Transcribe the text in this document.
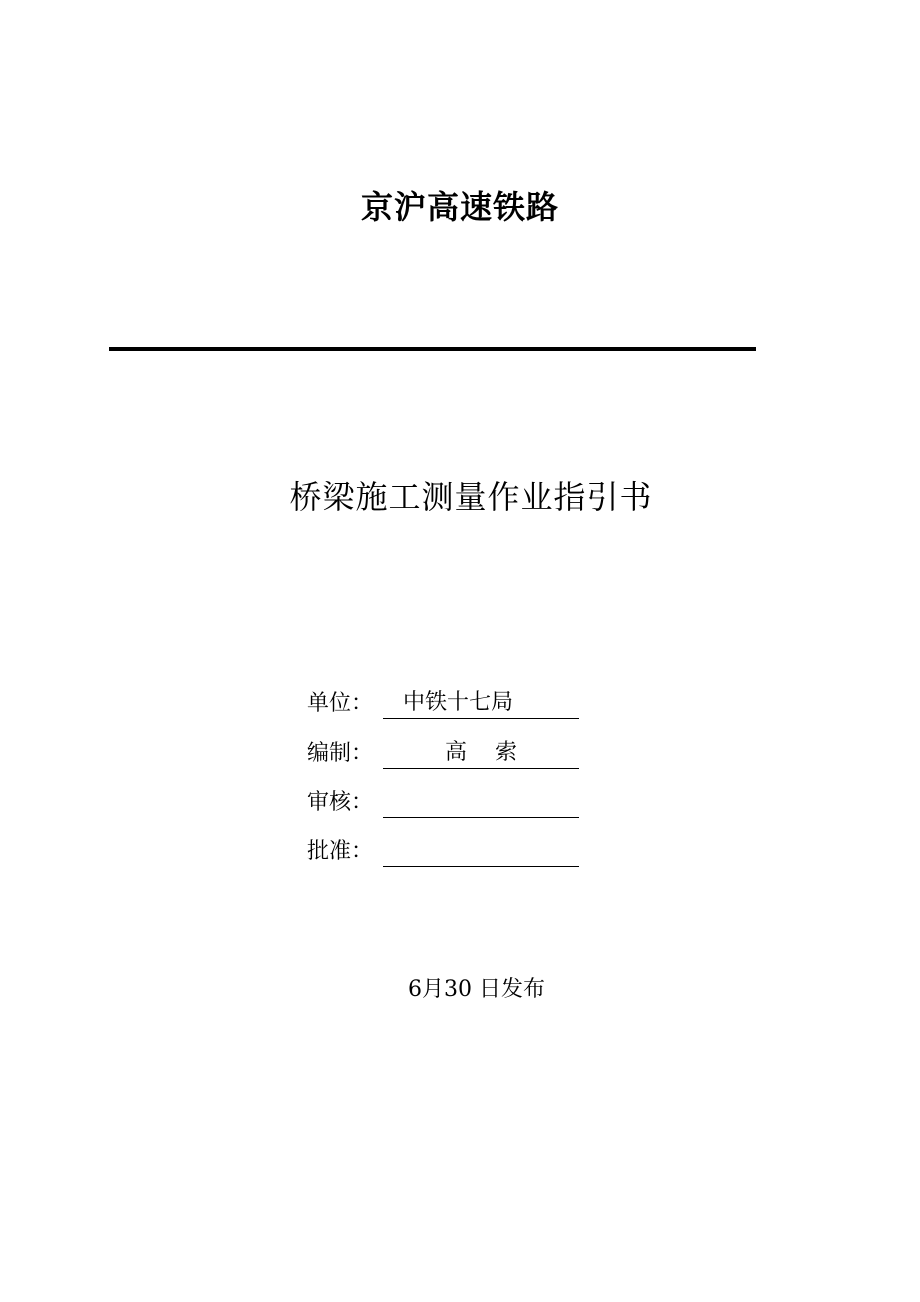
京沪高速铁路
桥梁施工测量作业指引书
单位：	中铁十七局
编制：	高    索
审核：
批准：
6月30 日发布
